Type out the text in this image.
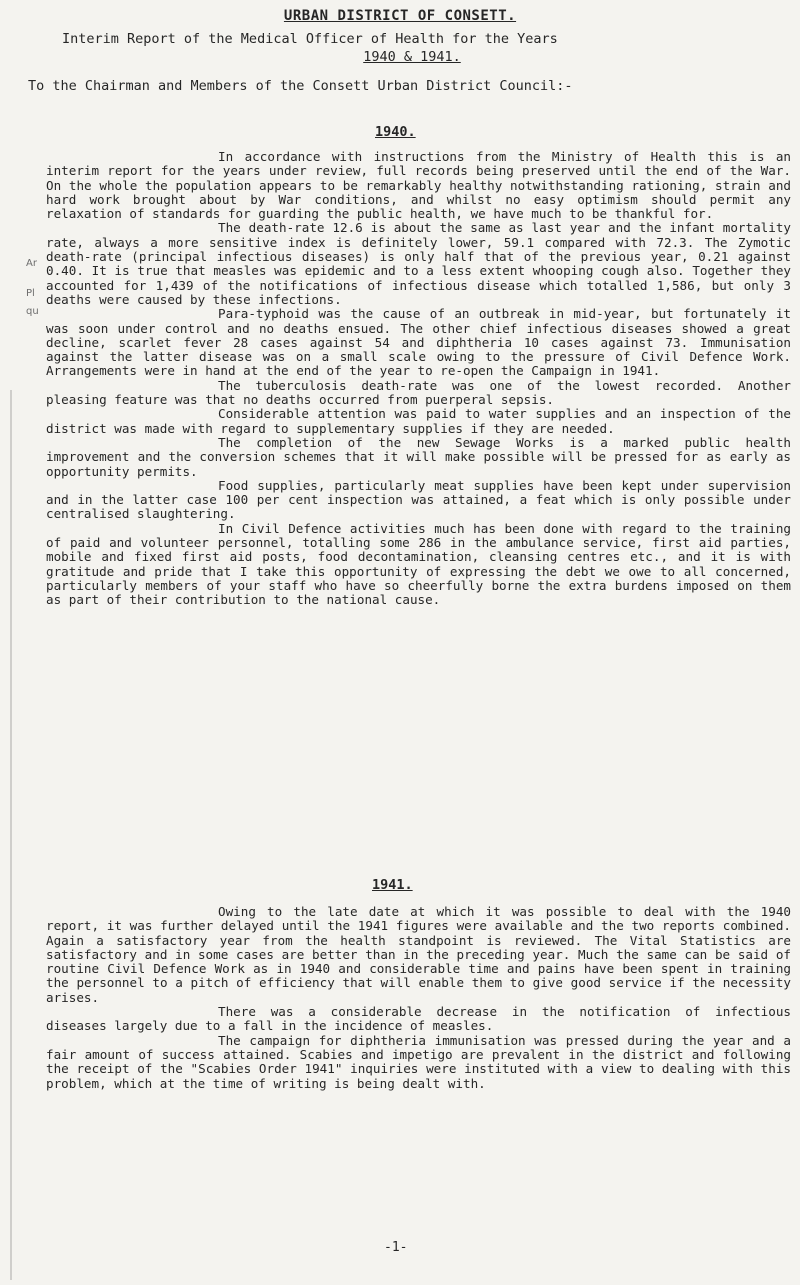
URBAN DISTRICT OF CONSETT.
Interim Report of the Medical Officer of Health for the Years
1940 & 1941.
To the Chairman and Members of the Consett Urban District Council:-
1940.
Ar
Pl
qu

In accordance with instructions from the Ministry of Health this is an interim report for the years under review, full records being preserved until the end of the War. On the whole the population appears to be remarkably healthy notwithstanding rationing, strain and hard work brought about by War conditions, and whilst no easy optimism should permit any relaxation of standards for guarding the public health, we have much to be thankful for.

The death-rate 12.6 is about the same as last year and the infant mortality rate, always a more sensitive index is definitely lower, 59.1 compared with 72.3. The Zymotic death-rate (principal infectious diseases) is only half that of the previous year, 0.21 against 0.40. It is true that measles was epidemic and to a less extent whooping cough also. Together they accounted for 1,439 of the notifications of infectious disease which totalled 1,586, but only 3 deaths were caused by these infections.

Para-typhoid was the cause of an outbreak in mid-year, but fortunately it was soon under control and no deaths ensued. The other chief infectious diseases showed a great decline, scarlet fever 28 cases against 54 and diphtheria 10 cases against 73. Immunisation against the latter disease was on a small scale owing to the pressure of Civil Defence Work. Arrangements were in hand at the end of the year to re-open the Campaign in 1941.

The tuberculosis death-rate was one of the lowest recorded. Another pleasing feature was that no deaths occurred from puerperal sepsis.

Considerable attention was paid to water supplies and an inspection of the district was made with regard to supplementary supplies if they are needed.

The completion of the new Sewage Works is a marked public health improvement and the conversion schemes that it will make possible will be pressed for as early as opportunity permits.

Food supplies, particularly meat supplies have been kept under supervision and in the latter case 100 per cent inspection was attained, a feat which is only possible under centralised slaughtering.

In Civil Defence activities much has been done with regard to the training of paid and volunteer personnel, totalling some 286 in the ambulance service, first aid parties, mobile and fixed first aid posts, food decontamination, cleansing centres etc., and it is with gratitude and pride that I take this opportunity of expressing the debt we owe to all concerned, particularly members of your staff who have so cheerfully borne the extra burdens imposed on them as part of their contribution to the national cause.

1941.

Owing to the late date at which it was possible to deal with the 1940 report, it was further delayed until the 1941 figures were available and the two reports combined. Again a satisfactory year from the health standpoint is reviewed. The Vital Statistics are satisfactory and in some cases are better than in the preceding year. Much the same can be said of routine Civil Defence Work as in 1940 and considerable time and pains have been spent in training the personnel to a pitch of efficiency that will enable them to give good service if the necessity arises.

There was a considerable decrease in the notification of infectious diseases largely due to a fall in the incidence of measles.

The campaign for diphtheria immunisation was pressed during the year and a fair amount of success attained. Scabies and impetigo are prevalent in the district and following the receipt of the "Scabies Order 1941" inquiries were instituted with a view to dealing with this problem, which at the time of writing is being dealt with.

-1-
